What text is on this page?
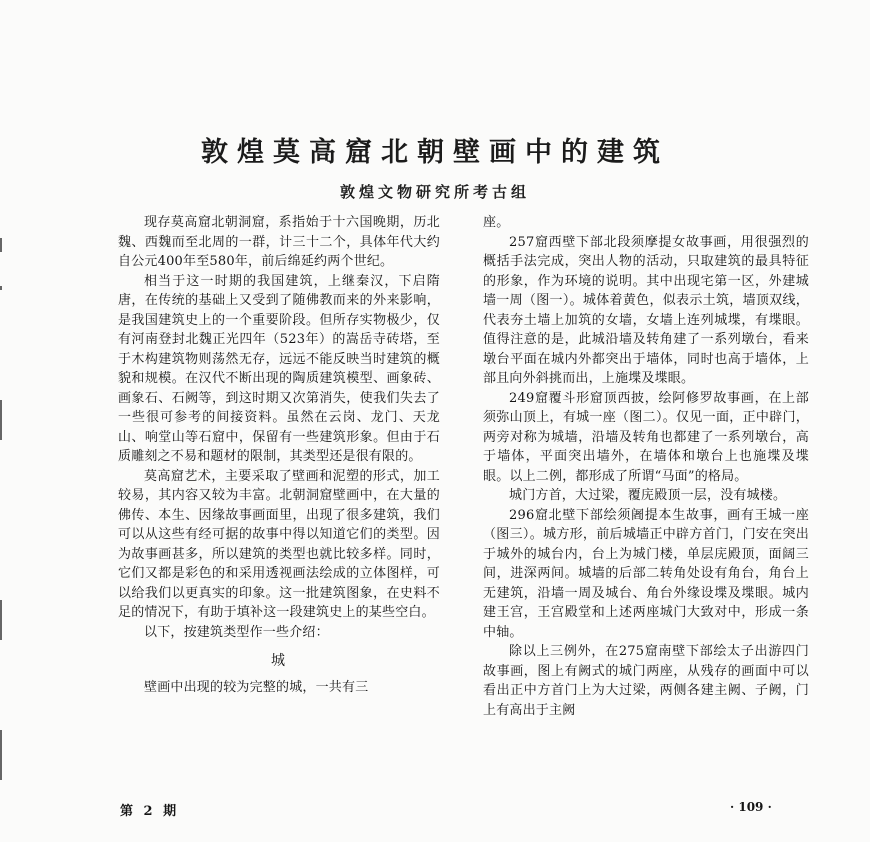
敦煌莫高窟北朝壁画中的建筑
敦煌文物研究所考古组

现存莫高窟北朝洞窟，系指始于十六国晚期，历北魏、西魏而至北周的一群，计三十二个，具体年代大约自公元400年至580年，前后绵延约两个世纪。

相当于这一时期的我国建筑，上继秦汉，下启隋唐，在传统的基础上又受到了随佛教而来的外来影响，是我国建筑史上的一个重要阶段。但所存实物极少，仅有河南登封北魏正光四年（523年）的嵩岳寺砖塔，至于木构建筑物则荡然无存，远远不能反映当时建筑的概貌和规模。在汉代不断出现的陶质建筑模型、画象砖、画象石、石阙等，到这时期又次第消失，使我们失去了一些很可参考的间接资料。虽然在云岗、龙门、天龙山、响堂山等石窟中，保留有一些建筑形象。但由于石质雕刻之不易和题材的限制，其类型还是很有限的。

莫高窟艺术，主要采取了壁画和泥塑的形式，加工较易，其内容又较为丰富。北朝洞窟壁画中，在大量的佛传、本生、因缘故事画面里，出现了很多建筑，我们可以从这些有经可据的故事中得以知道它们的类型。因为故事画甚多，所以建筑的类型也就比较多样。同时，它们又都是彩色的和采用透视画法绘成的立体图样，可以给我们以更真实的印象。这一批建筑图象，在史料不足的情况下，有助于填补这一段建筑史上的某些空白。

以下，按建筑类型作一些介绍：

城

壁画中出现的较为完整的城，一共有三

座。

257窟西壁下部北段须摩提女故事画，用很强烈的概括手法完成，突出人物的活动，只取建筑的最具特征的形象，作为环境的说明。其中出现宅第一区，外建城墙一周（图一）。城体着黄色，似表示土筑，墙顶双线，代表夯土墙上加筑的女墙，女墙上连列城堞，有堞眼。值得注意的是，此城沿墙及转角建了一系列墩台，看来墩台平面在城内外都突出于墙体，同时也高于墙体，上部且向外斜挑而出，上施堞及堞眼。

249窟覆斗形窟顶西披，绘阿修罗故事画，在上部须弥山顶上，有城一座（图二）。仅见一面，正中辟门，两旁对称为城墙，沿墙及转角也都建了一系列墩台，高于墙体，平面突出墙外，在墙体和墩台上也施堞及堞眼。以上二例，都形成了所谓“马面”的格局。

城门方首，大过梁，覆庑殿顶一层，没有城楼。

296窟北壁下部绘须阇提本生故事，画有王城一座（图三）。城方形，前后城墙正中辟方首门，门安在突出于城外的城台内，台上为城门楼，单层庑殿顶，面阔三间，进深两间。城墙的后部二转角处设有角台，角台上无建筑，沿墙一周及城台、角台外缘设堞及堞眼。城内建王宫，王宫殿堂和上述两座城门大致对中，形成一条中轴。

除以上三例外，在275窟南壁下部绘太子出游四门故事画，图上有阙式的城门两座，从残存的画面中可以看出正中方首门上为大过梁，两侧各建主阙、子阙，门上有高出于主阙

第 2 期	· 109 ·
